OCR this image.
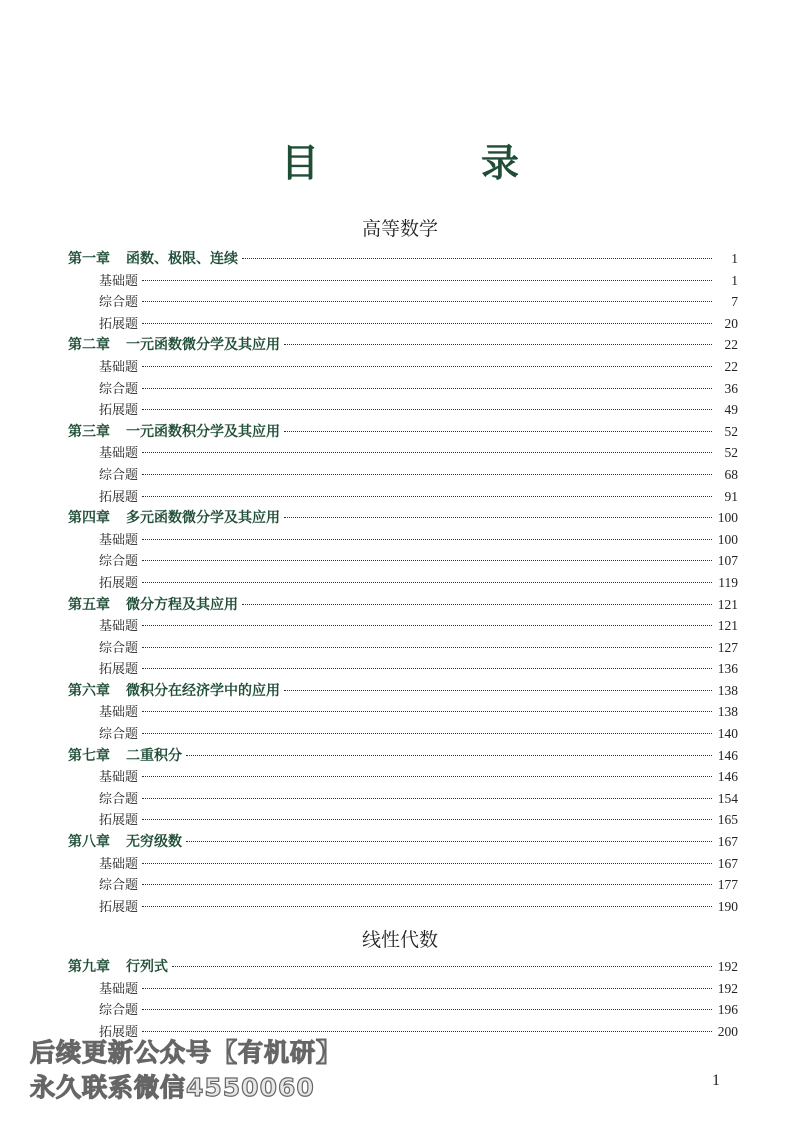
目　录
高等数学
第一章 函数、极限、连续	1
基础题	1
综合题	7
拓展题	20
第二章 一元函数微分学及其应用	22
基础题	22
综合题	36
拓展题	49
第三章 一元函数积分学及其应用	52
基础题	52
综合题	68
拓展题	91
第四章 多元函数微分学及其应用	100
基础题	100
综合题	107
拓展题	119
第五章 微分方程及其应用	121
基础题	121
综合题	127
拓展题	136
第六章 微积分在经济学中的应用	138
基础题	138
综合题	140
第七章 二重积分	146
基础题	146
综合题	154
拓展题	165
第八章 无穷级数	167
基础题	167
综合题	177
拓展题	190
线性代数
第九章 行列式	192
基础题	192
综合题	196
拓展题	200
后续更新公众号【有机研】
永久联系微信4550060	1
